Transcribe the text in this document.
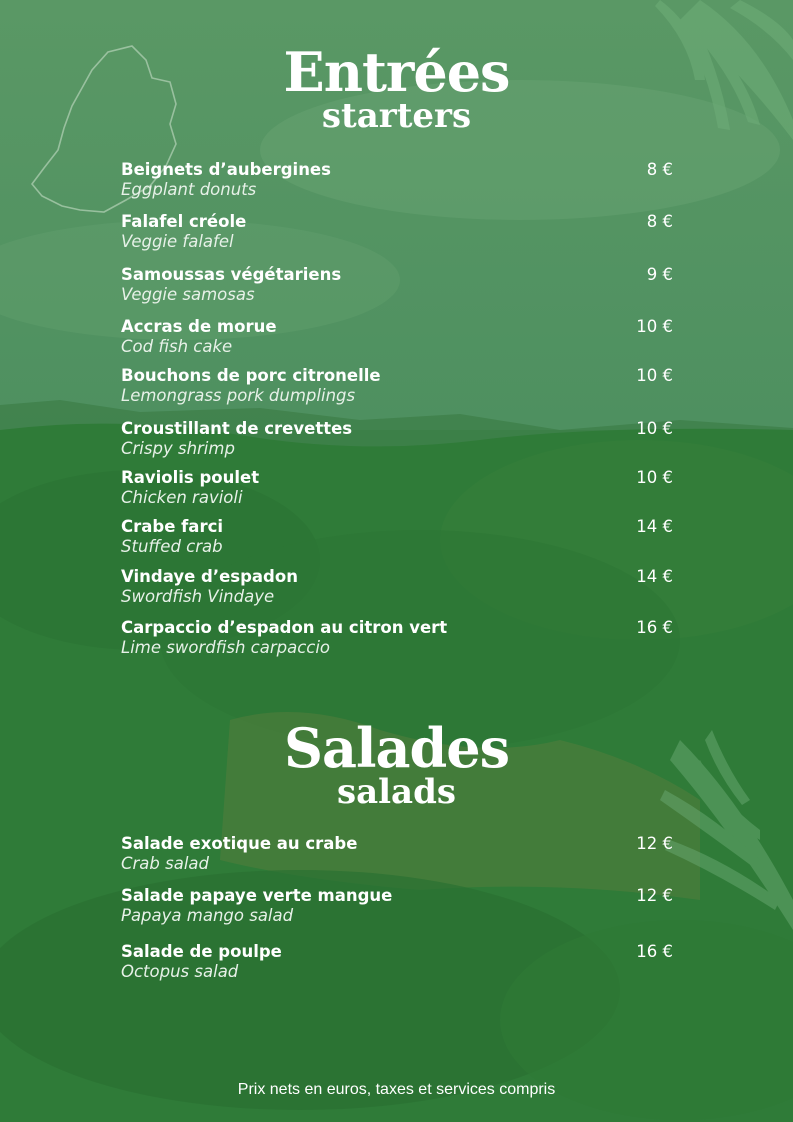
Entrées
starters
Beignets d’aubergines
Eggplant donuts
8 €
Falafel créole
Veggie falafel
8 €
Samoussas végétariens
Veggie samosas
9 €
Accras de morue
Cod fish cake
10 €
Bouchons de porc citronelle
Lemongrass pork dumplings
10 €
Croustillant de crevettes
Crispy shrimp
10 €
Raviolis poulet
Chicken ravioli
10 €
Crabe farci
Stuffed crab
14 €
Vindaye d’espadon
Swordfish Vindaye
14 €
Carpaccio d’espadon au citron vert
Lime swordfish carpaccio
16 €
Salades
salads
Salade exotique au crabe
Crab salad
12 €
Salade papaye verte mangue
Papaya mango salad
12 €
Salade de poulpe
Octopus salad
16 €
Prix nets en euros, taxes et services compris
